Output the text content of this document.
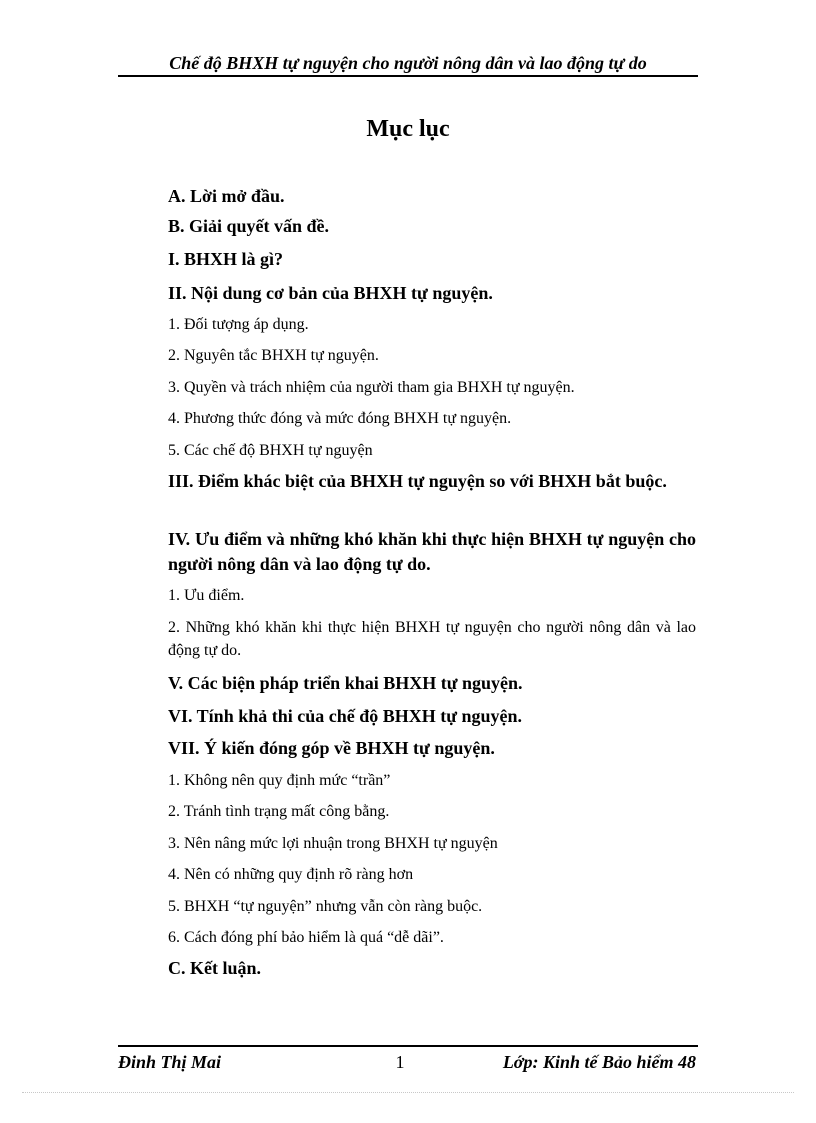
Chế độ BHXH tự nguyện cho người nông dân và lao động tự do
Mục lục
A. Lời mở đầu.
B. Giải quyết vấn đề.
I. BHXH là gì?
II. Nội dung cơ bản của BHXH tự nguyện.
1. Đối tượng áp dụng.
2. Nguyên tắc BHXH tự nguyện.
3. Quyền và trách nhiệm của người tham gia BHXH tự nguyện.
4. Phương thức đóng và mức đóng BHXH tự nguyện.
5. Các chế độ BHXH tự nguyện
III. Điểm khác biệt của BHXH tự nguyện so với BHXH bắt buộc.
IV. Ưu điểm và những khó khăn khi thực hiện BHXH tự nguyện cho người nông dân và lao động tự do.
1. Ưu điểm.
2. Những khó khăn khi thực hiện BHXH tự nguyện cho người nông dân và lao động tự do.
V. Các biện pháp triển khai BHXH tự nguyện.
VI. Tính khả thi của chế độ BHXH tự nguyện.
VII. Ý kiến đóng góp về BHXH tự nguyện.
1. Không nên quy định mức “trần”
2. Tránh tình trạng mất công bằng.
3. Nên nâng mức lợi nhuận trong BHXH tự nguyện
4. Nên có những quy định rõ ràng hơn
5. BHXH “tự nguyện” nhưng vẫn còn ràng buộc.
6. Cách đóng phí bảo hiểm là quá “dễ dãi”.
C. Kết luận.
Đinh Thị Mai	1	Lớp: Kinh tế Bảo hiểm 48
